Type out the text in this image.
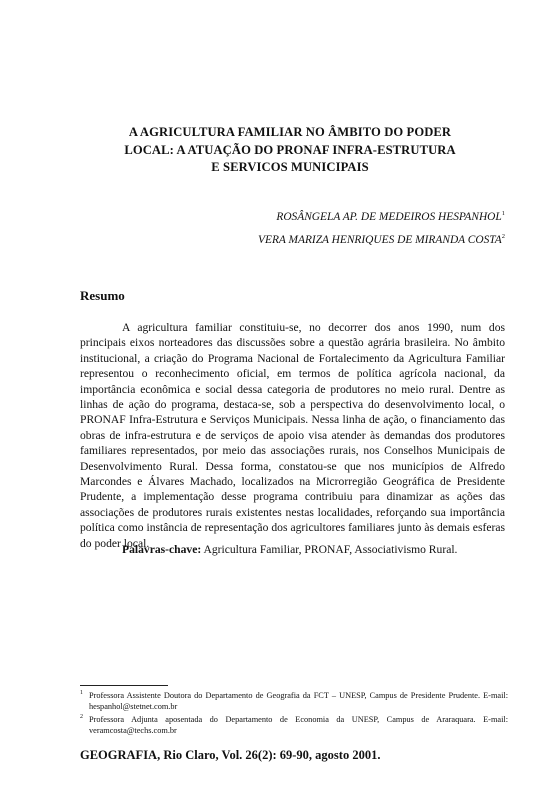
A AGRICULTURA FAMILIAR NO ÂMBITO DO PODER
LOCAL: A ATUAÇÃO DO PRONAF INFRA-ESTRUTURA
E SERVICOS MUNICIPAIS
ROSÂNGELA AP. DE MEDEIROS HESPANHOL$^1$
VERA MARIZA HENRIQUES DE MIRANDA COSTA$^2$
Resumo

A agricultura familiar constituiu-se, no decorrer dos anos 1990, num dos principais eixos norteadores das discussões sobre a questão agrária brasileira. No âmbito institucional, a criação do Programa Nacional de Fortalecimento da Agricultura Familiar representou o reconhecimento oficial, em termos de política agrícola nacional, da importância econômica e social dessa categoria de produtores no meio rural. Dentre as linhas de ação do programa, destaca-se, sob a perspectiva do desenvolvimento local, o PRONAF Infra-Estrutura e Serviços Municipais. Nessa linha de ação, o financiamento das obras de infra-estrutura e de serviços de apoio visa atender às demandas dos produtores familiares representados, por meio das associações rurais, nos Conselhos Municipais de Desenvolvimento Rural. Dessa forma, constatou-se que nos municípios de Alfredo Marcondes e Álvares Machado, localizados na Microrregião Geográfica de Presidente Prudente, a implementação desse programa contribuiu para dinamizar as ações das associações de produtores rurais existentes nestas localidades, reforçando sua importância política como instância de representação dos agricultores familiares junto às demais esferas do poder local.

Palavras-chave: Agricultura Familiar, PRONAF, Associativismo Rural.
1 Professora Assistente Doutora do Departamento de Geografia da FCT – UNESP, Campus de Presidente Prudente. E-mail: hespanhol@stetnet.com.br
2 Professora Adjunta aposentada do Departamento de Economia da UNESP, Campus de Araraquara. E-mail: veramcosta@techs.com.br
GEOGRAFIA, Rio Claro, Vol. 26(2): 69-90, agosto 2001.
